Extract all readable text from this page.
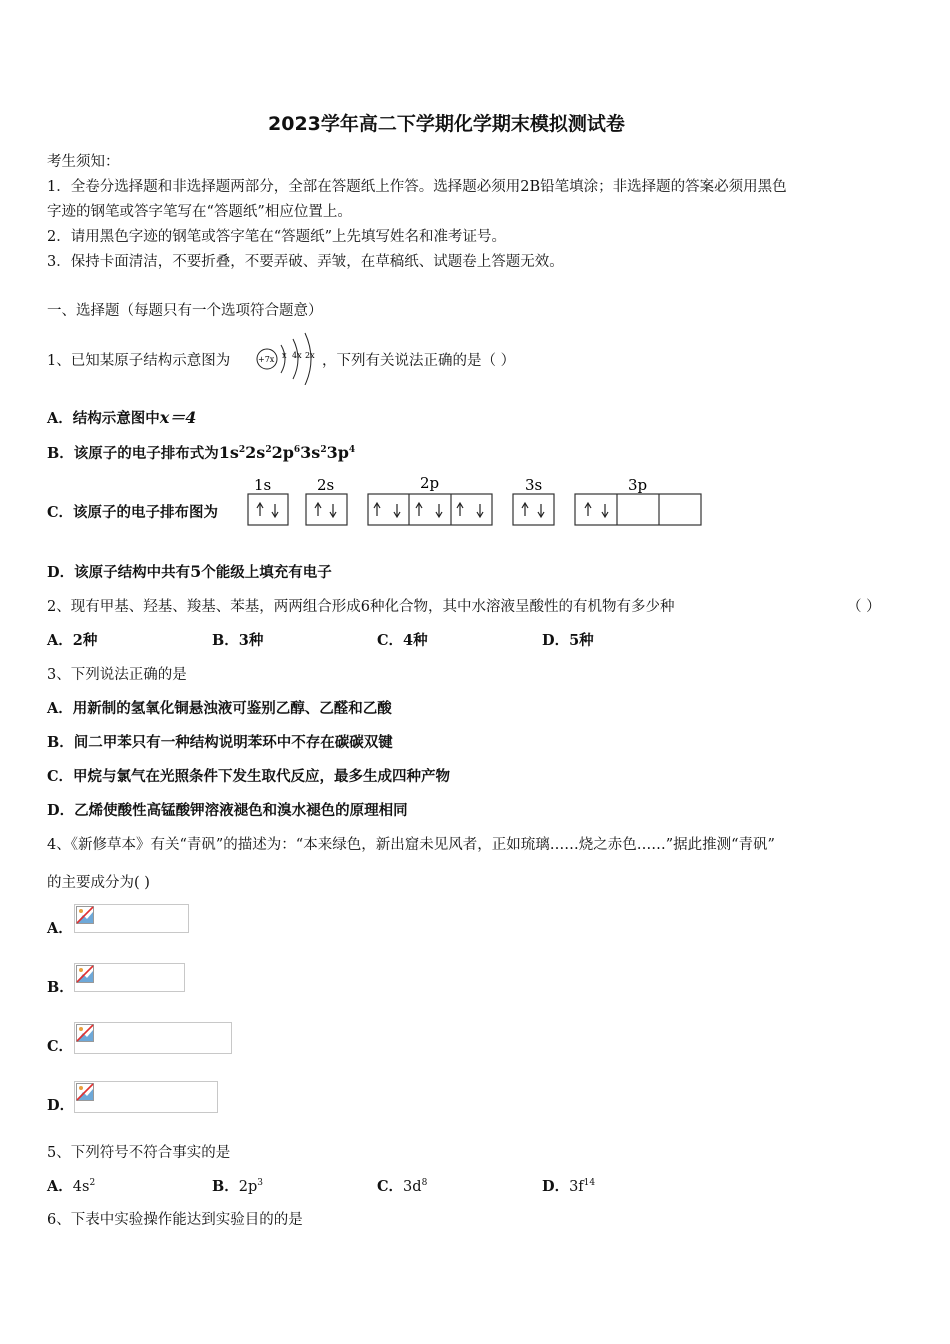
2023学年高二下学期化学期末模拟测试卷
考生须知：
1．全卷分选择题和非选择题两部分，全部在答题纸上作答。选择题必须用2B铅笔填涂；非选择题的答案必须用黑色
字迹的钢笔或答字笔写在“答题纸”相应位置上。
2．请用黑色字迹的钢笔或答字笔在“答题纸”上先填写姓名和准考证号。
3．保持卡面清洁，不要折叠，不要弄破、弄皱，在草稿纸、试题卷上答题无效。
一、选择题（每题只有一个选项符合题意）
1、已知某原子结构示意图为	+7x x 4x 2x ，下列有关说法正确的是（ ）
A．结构示意图中x＝4
B．该原子的电子排布式为$1s^22s^22p^63s^23p^4$
C．该原子的电子排布图为
1s	2s	2p	3s	3p
D．该原子结构中共有5个能级上填充有电子
2、现有甲基、羟基、羧基、苯基，两两组合形成6种化合物，其中水溶液呈酸性的有机物有多少种	（ ）
A．2种	B．3种	C．4种	D．5种
3、下列说法正确的是
A．用新制的氢氧化铜悬浊液可鉴别乙醇、乙醛和乙酸
B．间二甲苯只有一种结构说明苯环中不存在碳碳双键
C．甲烷与氯气在光照条件下发生取代反应，最多生成四种产物
D．乙烯使酸性高锰酸钾溶液褪色和溴水褪色的原理相同
4、《新修草本》有关“青矾”的描述为：“本来绿色，新出窟未见风者，正如琉璃……烧之赤色……”据此推测“青矾”
的主要成分为( )
A．
B．
C．
D．
5、下列符号不符合事实的是
A．$4s^2$	B．$2p^3$	C．$3d^8$	D．$3f^{14}$
6、下表中实验操作能达到实验目的的是
